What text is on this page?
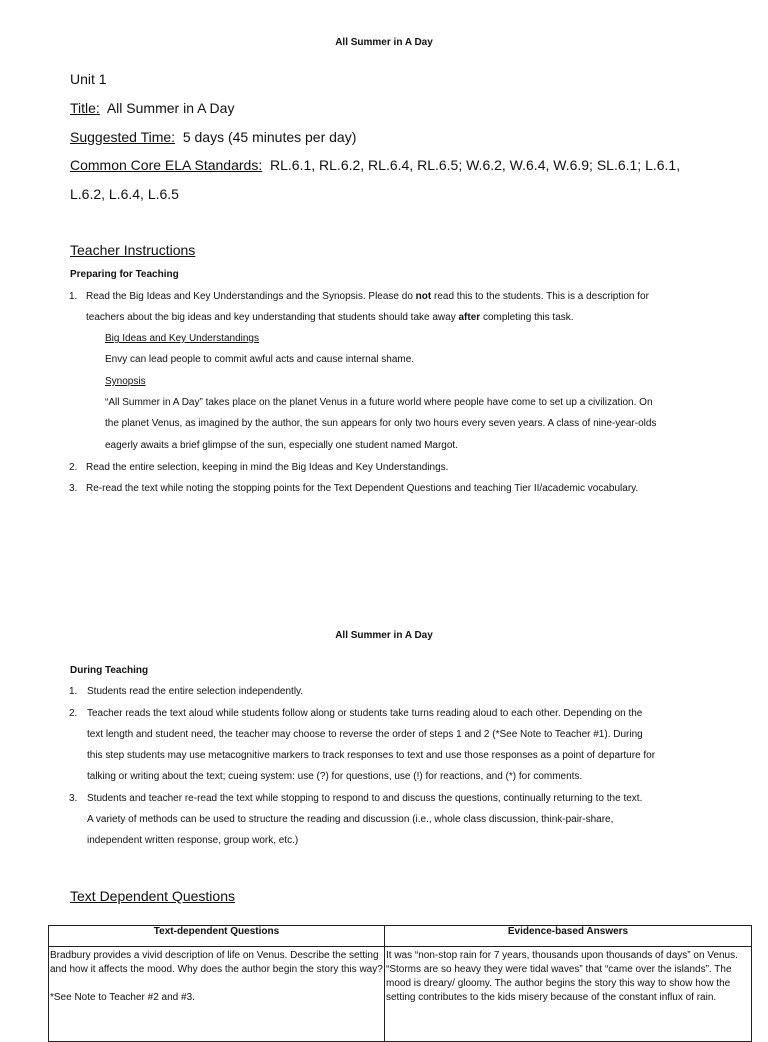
All Summer in A Day
Unit 1
Title: All Summer in A Day
Suggested Time: 5 days (45 minutes per day)
Common Core ELA Standards: RL.6.1, RL.6.2, RL.6.4, RL.6.5; W.6.2, W.6.4, W.6.9; SL.6.1; L.6.1,
L.6.2, L.6.4, L.6.5
Teacher Instructions
Preparing for Teaching
1. Read the Big Ideas and Key Understandings and the Synopsis. Please do not read this to the students. This is a description for
teachers about the big ideas and key understanding that students should take away after completing this task.
Big Ideas and Key Understandings
Envy can lead people to commit awful acts and cause internal shame.
Synopsis
“All Summer in A Day” takes place on the planet Venus in a future world where people have come to set up a civilization. On
the planet Venus, as imagined by the author, the sun appears for only two hours every seven years. A class of nine-year-olds
eagerly awaits a brief glimpse of the sun, especially one student named Margot.
2. Read the entire selection, keeping in mind the Big Ideas and Key Understandings.
3. Re-read the text while noting the stopping points for the Text Dependent Questions and teaching Tier II/academic vocabulary.
All Summer in A Day
During Teaching
1. Students read the entire selection independently.
2. Teacher reads the text aloud while students follow along or students take turns reading aloud to each other. Depending on the
text length and student need, the teacher may choose to reverse the order of steps 1 and 2 (*See Note to Teacher #1). During
this step students may use metacognitive markers to track responses to text and use those responses as a point of departure for
talking or writing about the text; cueing system: use (?) for questions, use (!) for reactions, and (*) for comments.
3. Students and teacher re-read the text while stopping to respond to and discuss the questions, continually returning to the text.
A variety of methods can be used to structure the reading and discussion (i.e., whole class discussion, think-pair-share,
independent written response, group work, etc.)
Text Dependent Questions
Text-dependent Questions	Evidence-based Answers

Bradbury provides a vivid description of life on Venus. Describe the setting and how it affects the mood. Why does the author begin the story this way?
*See Note to Teacher #2 and #3.	It was “non-stop rain for 7 years, thousands upon thousands of days” on Venus. “Storms are so heavy they were tidal waves” that “came over the islands”. The mood is dreary/ gloomy. The author begins the story this way to show how the setting contributes to the kids misery because of the constant influx of rain.
